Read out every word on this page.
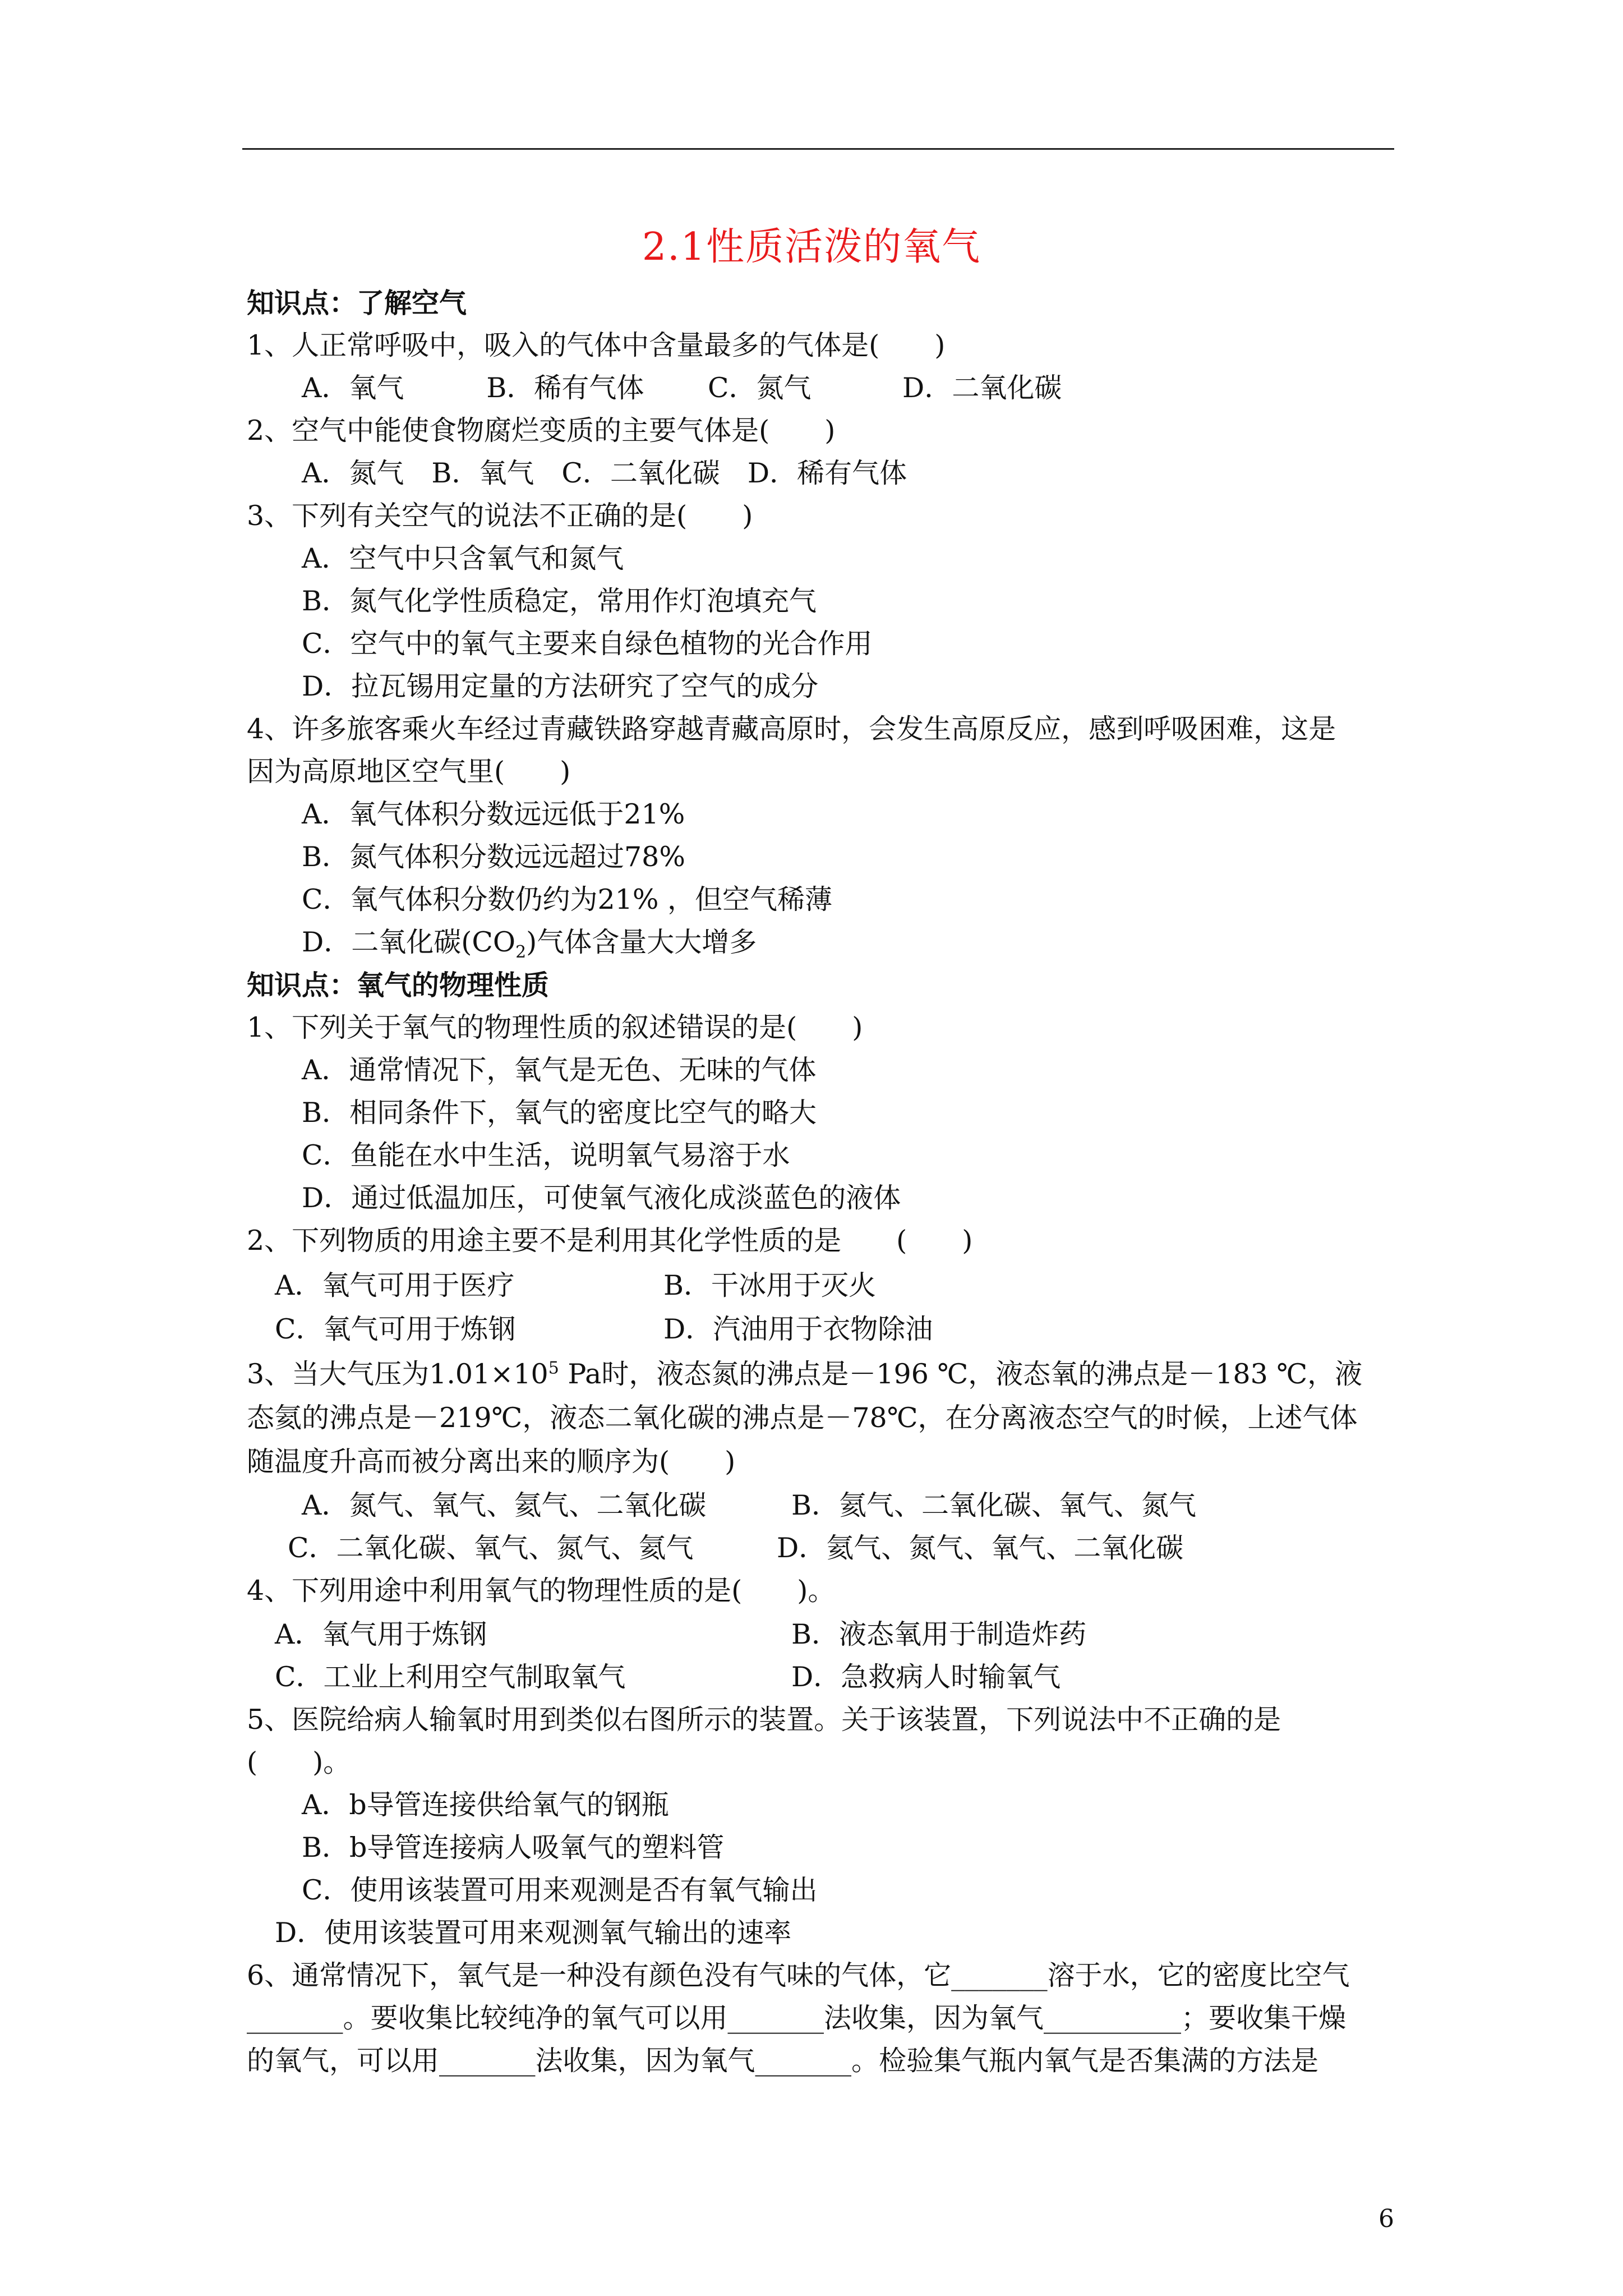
2.1性质活泼的氧气
知识点：了解空气
1、人正常呼吸中，吸入的气体中含量最多的气体是(　　)
A．氧气　　　B．稀有气体　　 C．氮气　　　 D．二氧化碳
2、空气中能使食物腐烂变质的主要气体是(　　)
A．氮气　B．氧气　C．二氧化碳　D．稀有气体
3、下列有关空气的说法不正确的是(　　)
A．空气中只含氧气和氮气
B．氮气化学性质稳定，常用作灯泡填充气
C．空气中的氧气主要来自绿色植物的光合作用
D．拉瓦锡用定量的方法研究了空气的成分
4、许多旅客乘火车经过青藏铁路穿越青藏高原时，会发生高原反应，感到呼吸困难，这是
因为高原地区空气里(　　)
A．氧气体积分数远远低于21%
B．氮气体积分数远远超过78%
C．氧气体积分数仍约为21% ，但空气稀薄
D．二氧化碳$(CO_2)$气体含量大大增多
知识点：氧气的物理性质
1、下列关于氧气的物理性质的叙述错误的是(　　)
A．通常情况下，氧气是无色、无味的气体
B．相同条件下，氧气的密度比空气的略大
C．鱼能在水中生活，说明氧气易溶于水
D．通过低温加压，可使氧气液化成淡蓝色的液体
2、下列物质的用途主要不是利用其化学性质的是　　(　　)
A．氧气可用于医疗	B．干冰用于灭火
C．氧气可用于炼钢	D．汽油用于衣物除油
3、当大气压为$1.01\times 10^5$ Pa时，液态氮的沸点是－196 ℃，液态氧的沸点是－183 ℃，液
态氦的沸点是－219℃，液态二氧化碳的沸点是－78℃，在分离液态空气的时候，上述气体
随温度升高而被分离出来的顺序为(　　)
A．氮气、氧气、氦气、二氧化碳	B．氦气、二氧化碳、氧气、氮气
C．二氧化碳、氧气、氮气、氦气	D．氦气、氮气、氧气、二氧化碳
4、下列用途中利用氧气的物理性质的是(　　)。
A．氧气用于炼钢	B．液态氧用于制造炸药
C．工业上利用空气制取氧气	D．急救病人时输氧气
5、医院给病人输氧时用到类似右图所示的装置。关于该装置，下列说法中不正确的是
(　　)。
A．b导管连接供给氧气的钢瓶
B．b导管连接病人吸氧气的塑料管
C．使用该装置可用来观测是否有氧气输出
D．使用该装置可用来观测氧气输出的速率
6、通常情况下，氧气是一种没有颜色没有气味的气体，它_______溶于水，它的密度比空气
_______。要收集比较纯净的氧气可以用_______法收集，因为氧气__________；要收集干燥
的氧气，可以用_______法收集，因为氧气_______。检验集气瓶内氧气是否集满的方法是
6
